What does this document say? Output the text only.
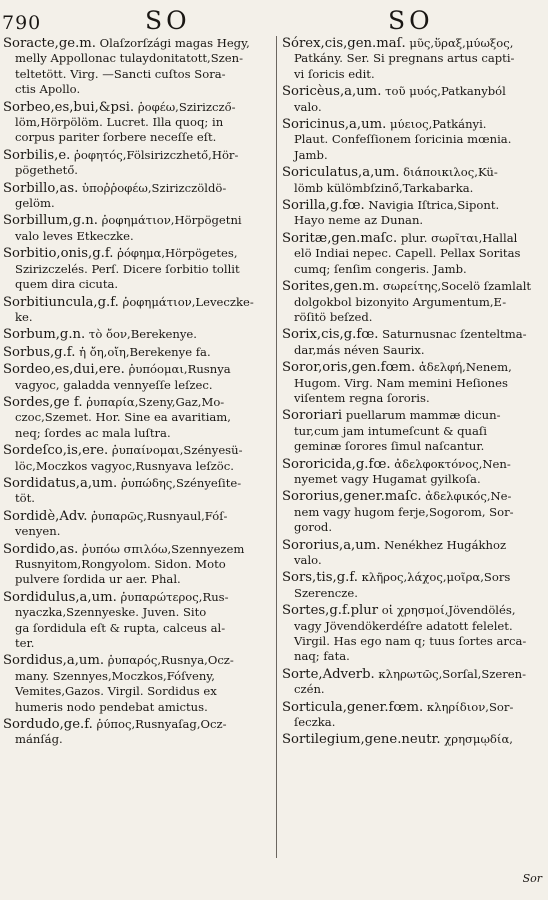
790	SO	SO

Soracte,ge.m. Olaſzorſzági magas Hegy,
melly Appollonac tulaydonitatott,Szen-
teltetött. Virg. —Sancti cuſtos Sora-
ctis Apollo.

Sorbeo,es,bui,&psi. ῥοφέω,Szirizcző-
löm,Hörpölöm. Lucret. Illa quoq; in
corpus pariter ſorbere neceſſe eſt.

Sorbilis,e. ῥοφητός,Fölsirizczhető,Hör-
pögethető.

Sorbillo,as. ὑποῤῥοφέω,Szirizczöldö-
gelöm.

Sorbillum,g.n. ῥοφημάτιον,Hörpögetni
valo leves Etkeczke.

Sorbitio,onis,g.f. ῥόφημα,Hörpögetes,
Szirizczelés. Perſ. Dicere ſorbitio tollit
quem dira cicuta.

Sorbitiuncula,g.f. ῥοφημάτιον,Leveczke-
ke.

Sorbum,g.n. τὸ ὄον,Berekenye.

Sorbus,g.f. ἡ ὄη,οἴη,Berekenye fa.

Sordeo,es,dui,ere. ῥυπόομαι,Rusnya
vagyoc, galadda vennyeſſe leſzec.

Sordes,ge f. ῥυπαρία,Szeny,Gaz,Mo-
czoc,Szemet. Hor. Sine ea avaritiam,
neq; ſordes ac mala luſtra.

Sordeſco,is,ere. ῥυπαίνομαι,Szényesü-
löc,Moczkos vagyoc,Rusnyava leſzöc.

Sordidatus,a,um. ῥυπώδης,Szényeſite-
töt.

Sordidè,Adv. ῥυπαρῶς,Rusnyaul,Fóſ-
venyen.

Sordido,as. ῥυπόω σπιλόω,Szennyezem
Rusnyitom,Rongyolom. Sidon. Moto
pulvere ſordida ur aer. Phal.

Sordidulus,a,um. ῥυπαρώτερος,Rus-
nyaczka,Szennyeske. Juven. Sito
ga ſordidula eſt & rupta, calceus al-
ter.

Sordidus,a,um. ῥυπαρός,Rusnya,Ocz-
many. Szennyes,Moczkos,Fóſveny,
Vemites,Gazos. Virgil. Sordidus ex
humeris nodo pendebat amictus.

Sordudo,ge.f. ῥύπος,Rusnyaſag,Ocz-
mánſág.

Sórex,cis,gen.maſ. μῦς,ὕραξ,μύωξος,
Patkány. Ser. Si pregnans artus capti-
vi ſoricis edit.

Soricèus,a,um. τοῦ μυός,Patkanyból
valo.

Soricinus,a,um. μύειος,Patkányi.
Plaut. Confeſſionem ſoricinia mœnia.
Jamb.

Soriculatus,a,um. διάποικιλος,Kü-
lömb külömbſzinő,Tarkabarka.

Sorilla,g.fœ. Navigia Iſtrica,Sipont.
Hayo neme az Dunan.

Soritæ,gen.maſc. plur. σωρῖται,Hallal
elö Indiai nepec. Capell. Pellax Soritas
cumq; ſenſim congeris. Jamb.

Sorites,gen.m. σωρείτης,Socelö ſzamlalt
dolgokbol bizonyito Argumentum,E-
röſitö beſzed.

Sorix,cis,g.fœ. Saturnusnac ſzenteltma-
dar,más néven Saurix.

Soror,oris,gen.fœm. ἀδελφή,Nenem,
Hugom. Virg. Nam memini Heſiones
viſentem regna ſororis.

Sororiari puellarum mammæ dicun-
tur,cum jam intumeſcunt & quaſi
geminæ ſorores ſimul naſcantur.

Sororicida,g.fœ. ἀδελφοκτόνος,Nen-
nyemet vagy Hugamat gyilkoſa.

Sororius,gener.maſc. ἀδελφικός,Ne-
nem vagy hugom ferje,Sogorom, Sor-
gorod.

Sororius,a,um. Nenékhez Hugákhoz
valo.

Sors,tis,g.f. κλῆρος,λάχος,μοῖρα,Sors
Szerencze.

Sortes,g.f.plur οἱ χρησμοί,Jövendölés,
vagy Jövendökerdéſre adatott felelet.
Virgil. Has ego nam q; tuus ſortes arca-
naq; fata.

Sorte,Adverb. κληρωτῶς,Sorſal,Szeren-
czén.

Sorticula,gener.fœm. κληρίδιον,Sor-
ſeczka.

Sortilegium,gene.neutr. χρησμῳδία,

Sor
